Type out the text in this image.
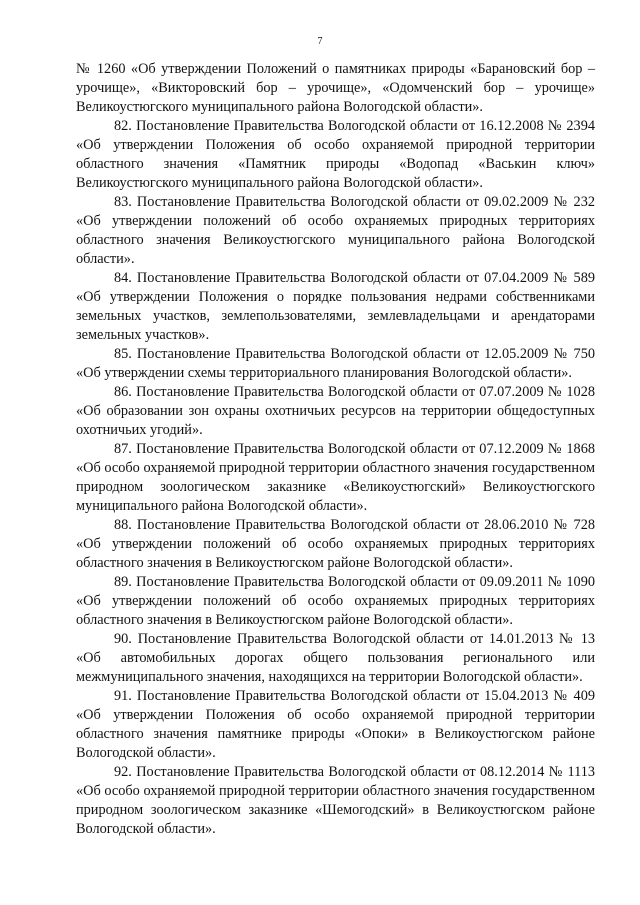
7

№ 1260 «Об утверждении Положений о памятниках природы «Барановский бор – урочище», «Викторовский бор – урочище», «Одомченский бор – урочище» Великоустюгского муниципального района Вологодской области».

82. Постановление Правительства Вологодской области от 16.12.2008 № 2394 «Об утверждении Положения об особо охраняемой природной территории областного значения «Памятник природы «Водопад «Васькин ключ» Великоустюгского муниципального района Вологодской области».

83. Постановление Правительства Вологодской области от 09.02.2009 № 232 «Об утверждении положений об особо охраняемых природных территориях областного значения Великоустюгского муниципального района Вологодской области».

84. Постановление Правительства Вологодской области от 07.04.2009 № 589 «Об утверждении Положения о порядке пользования недрами собственниками земельных участков, землепользователями, землевладельцами и арендаторами земельных участков».

85. Постановление Правительства Вологодской области от 12.05.2009 № 750 «Об утверждении схемы территориального планирования Вологодской области».

86. Постановление Правительства Вологодской области от 07.07.2009 № 1028 «Об образовании зон охраны охотничьих ресурсов на территории общедоступных охотничьих угодий».

87. Постановление Правительства Вологодской области от 07.12.2009 № 1868 «Об особо охраняемой природной территории областного значения государственном природном зоологическом заказнике «Великоустюгский» Великоустюгского муниципального района Вологодской области».

88. Постановление Правительства Вологодской области от 28.06.2010 № 728 «Об утверждении положений об особо охраняемых природных территориях областного значения в Великоустюгском районе Вологодской области».

89. Постановление Правительства Вологодской области от 09.09.2011 № 1090 «Об утверждении положений об особо охраняемых природных территориях областного значения в Великоустюгском районе Вологодской области».

90. Постановление Правительства Вологодской области от 14.01.2013 № 13 «Об автомобильных дорогах общего пользования регионального или межмуниципального значения, находящихся на территории Вологодской области».

91. Постановление Правительства Вологодской области от 15.04.2013 № 409 «Об утверждении Положения об особо охраняемой природной территории областного значения памятнике природы «Опоки» в Великоустюгском районе Вологодской области».

92. Постановление Правительства Вологодской области от 08.12.2014 № 1113 «Об особо охраняемой природной территории областного значения государственном природном зоологическом заказнике «Шемогодский» в Великоустюгском районе Вологодской области».
